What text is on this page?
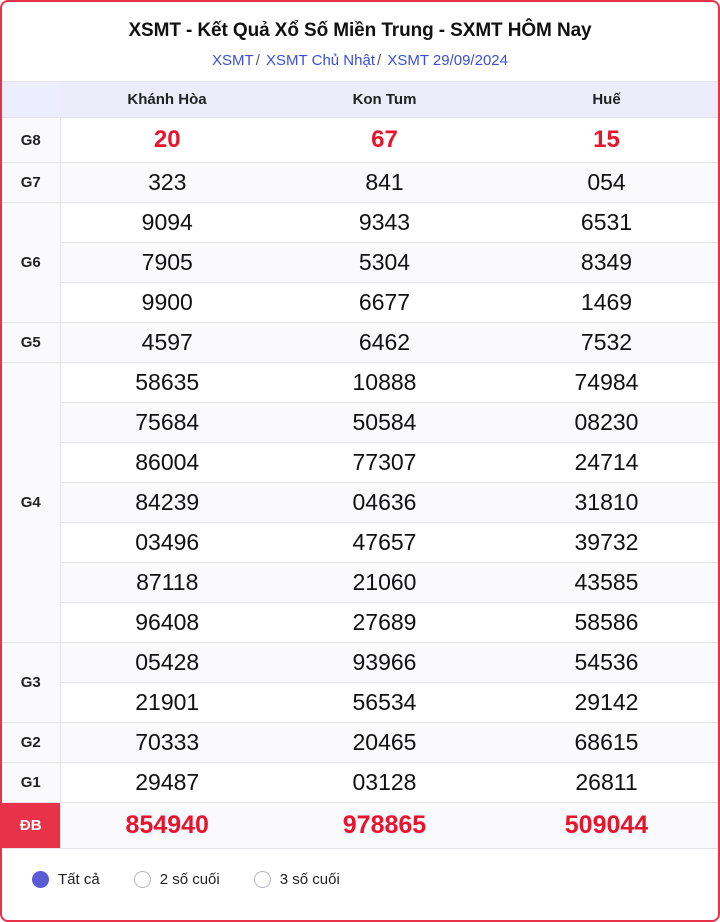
XSMT - Kết Quả Xổ Số Miền Trung - SXMT HÔM Nay
XSMT / XSMT Chủ Nhật / XSMT 29/09/2024
	Khánh Hòa	Kon Tum	Huế
G8	20	67	15
G7	323	841	054
G6	9094	9343	6531
	7905	5304	8349
	9900	6677	1469
G5	4597	6462	7532
G4	58635	10888	74984
	75684	50584	08230
	86004	77307	24714
	84239	04636	31810
	03496	47657	39732
	87118	21060	43585
	96408	27689	58586
G3	05428	93966	54536
	21901	56534	29142
G2	70333	20465	68615
G1	29487	03128	26811
ĐB	854940	978865	509044
Tất cả	2 số cuối	3 số cuối
